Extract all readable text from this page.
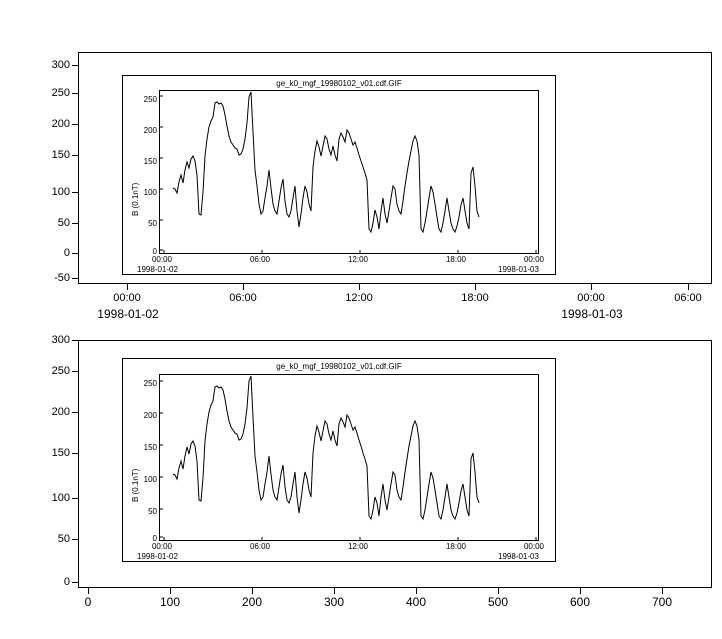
300
250
200
150
100
50
0
-50
00:00	06:00	12:00	18:00	00:00	06:00
1998-01-02	1998-01-03
ge_k0_mgf_19980102_v01.cdf.GIF
B (0.1nT)
250
200
150
100
50
0
00:00	06:00	12:00	18:00	00:00
1998-01-02	1998-01-03
300
250
200
150
100
50
0
0	100	200	300	400	500	600	700
ge_k0_mgf_19980102_v01.cdf.GIF
B (0.1nT)
250
200
150
100
50
0
00:00	06:00	12:00	18:00	00:00
1998-01-02	1998-01-03
